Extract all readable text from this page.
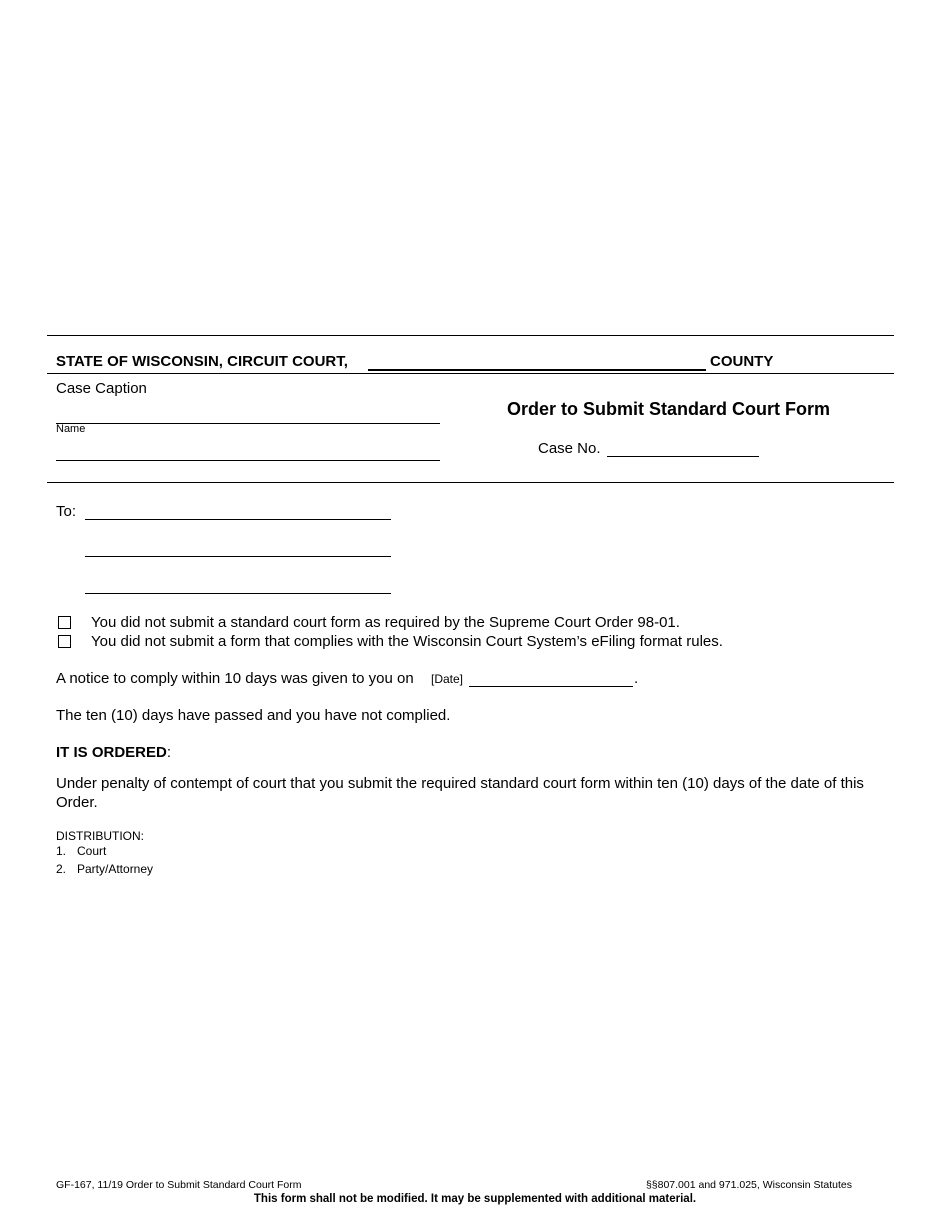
STATE OF WISCONSIN, CIRCUIT COURT,	COUNTY
Case Caption
Name
Order to Submit Standard Court Form
Case No.
To:
You did not submit a standard court form as required by the Supreme Court Order 98-01.
You did not submit a form that complies with the Wisconsin Court System’s eFiling format rules.
A notice to comply within 10 days was given to you on [Date]	.
The ten (10) days have passed and you have not complied.
IT IS ORDERED:
Under penalty of contempt of court that you submit the required standard court form within ten (10) days of the date of this Order.
DISTRIBUTION:
1. Court
2. Party/Attorney
GF-167, 11/19 Order to Submit Standard Court Form	§§807.001 and 971.025, Wisconsin Statutes
This form shall not be modified. It may be supplemented with additional material.
